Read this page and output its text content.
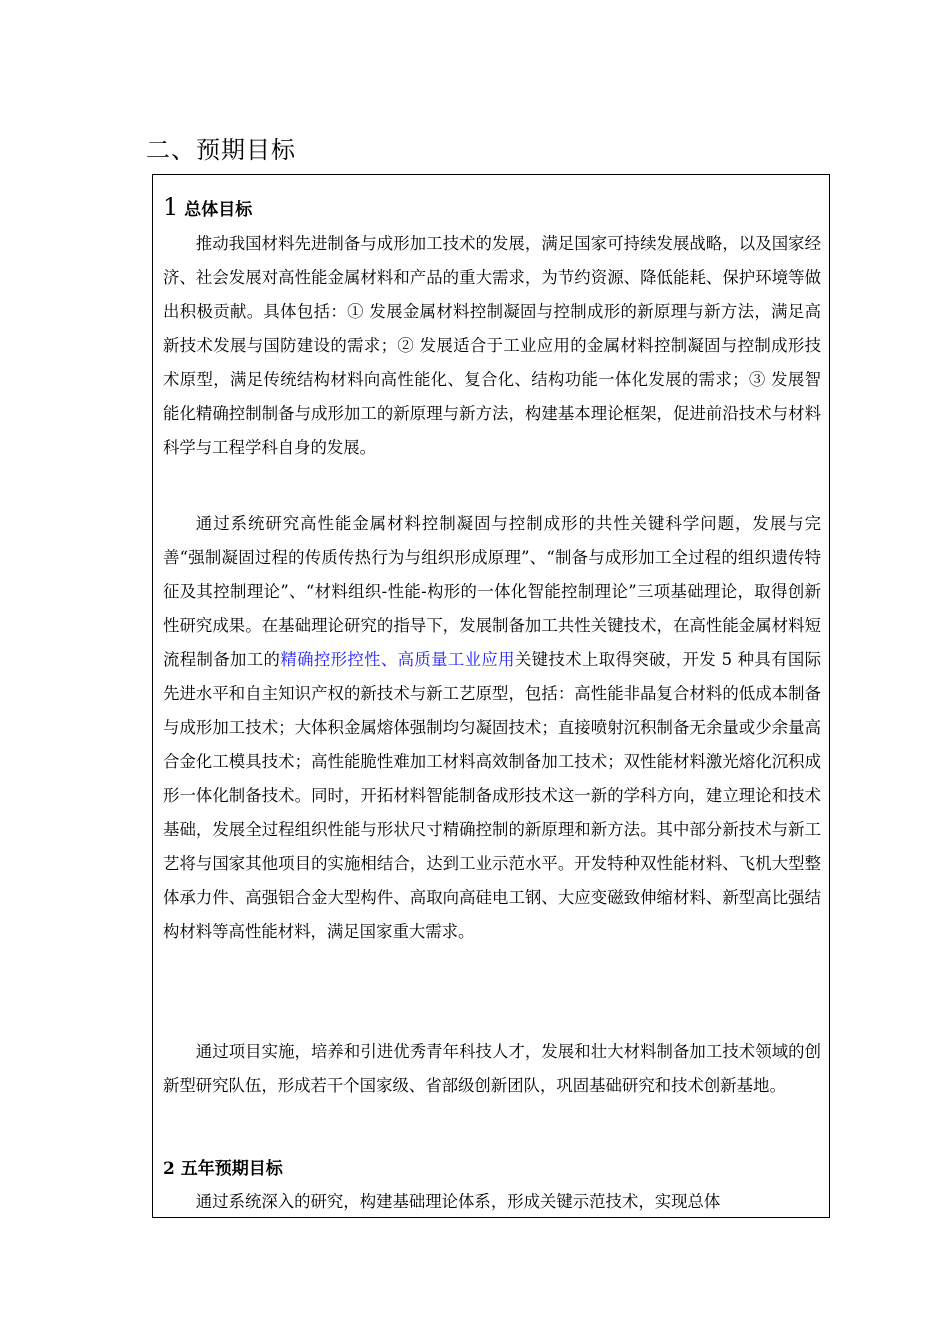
二、预期目标
1 总体目标

推动我国材料先进制备与成形加工技术的发展，满足国家可持续发展战略，以及国家经济、社会发展对高性能金属材料和产品的重大需求，为节约资源、降低能耗、保护环境等做出积极贡献。具体包括：① 发展金属材料控制凝固与控制成形的新原理与新方法，满足高新技术发展与国防建设的需求；② 发展适合于工业应用的金属材料控制凝固与控制成形技术原型，满足传统结构材料向高性能化、复合化、结构功能一体化发展的需求；③ 发展智能化精确控制制备与成形加工的新原理与新方法，构建基本理论框架，促进前沿技术与材料科学与工程学科自身的发展。

通过系统研究高性能金属材料控制凝固与控制成形的共性关键科学问题，发展与完善“强制凝固过程的传质传热行为与组织形成原理”、“制备与成形加工全过程的组织遗传特征及其控制理论”、“材料组织-性能-构形的一体化智能控制理论”三项基础理论，取得创新性研究成果。在基础理论研究的指导下，发展制备加工共性关键技术，在高性能金属材料短流程制备加工的精确控形控性、高质量工业应用关键技术上取得突破，开发 5 种具有国际先进水平和自主知识产权的新技术与新工艺原型，包括：高性能非晶复合材料的低成本制备与成形加工技术；大体积金属熔体强制均匀凝固技术；直接喷射沉积制备无余量或少余量高合金化工模具技术；高性能脆性难加工材料高效制备加工技术；双性能材料激光熔化沉积成形一体化制备技术。同时，开拓材料智能制备成形技术这一新的学科方向，建立理论和技术基础，发展全过程组织性能与形状尺寸精确控制的新原理和新方法。其中部分新技术与新工艺将与国家其他项目的实施相结合，达到工业示范水平。开发特种双性能材料、飞机大型整体承力件、高强铝合金大型构件、高取向高硅电工钢、大应变磁致伸缩材料、新型高比强结构材料等高性能材料，满足国家重大需求。

通过项目实施，培养和引进优秀青年科技人才，发展和壮大材料制备加工技术领域的创新型研究队伍，形成若干个国家级、省部级创新团队，巩固基础研究和技术创新基地。

2 五年预期目标

通过系统深入的研究，构建基础理论体系，形成关键示范技术，实现总体
